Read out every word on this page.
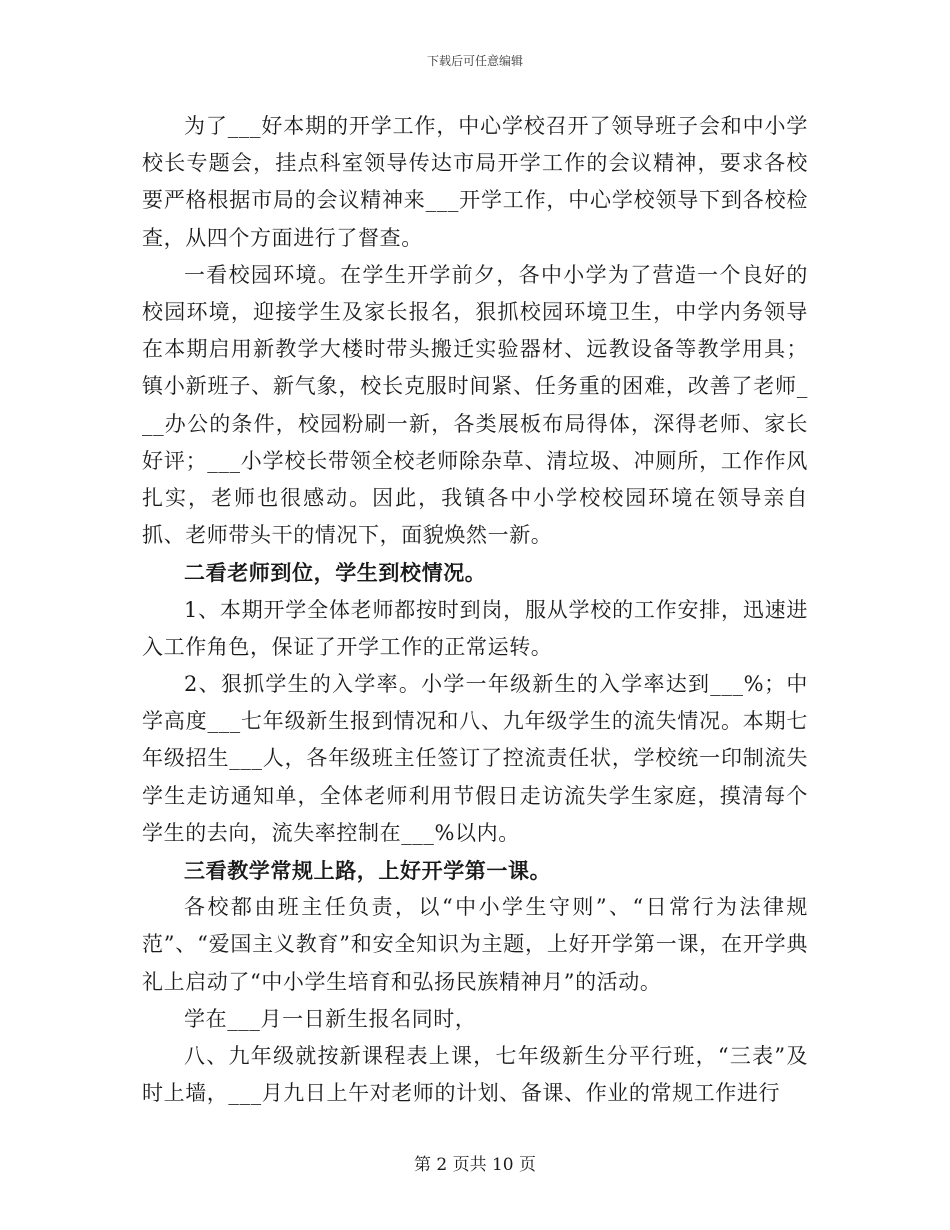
下载后可任意编辑

为了___好本期的开学工作，中心学校召开了领导班子会和中小学校长专题会，挂点科室领导传达市局开学工作的会议精神，要求各校要严格根据市局的会议精神来___开学工作，中心学校领导下到各校检查，从四个方面进行了督查。

一看校园环境。在学生开学前夕，各中小学为了营造一个良好的校园环境，迎接学生及家长报名，狠抓校园环境卫生，中学内务领导在本期启用新教学大楼时带头搬迁实验器材、远教设备等教学用具；镇小新班子、新气象，校长克服时间紧、任务重的困难，改善了老师___办公的条件，校园粉刷一新，各类展板布局得体，深得老师、家长好评；___小学校长带领全校老师除杂草、清垃圾、冲厕所，工作作风扎实，老师也很感动。因此，我镇各中小学校校园环境在领导亲自抓、老师带头干的情况下，面貌焕然一新。

二看老师到位，学生到校情况。

1、本期开学全体老师都按时到岗，服从学校的工作安排，迅速进入工作角色，保证了开学工作的正常运转。

2、狠抓学生的入学率。小学一年级新生的入学率达到___%；中学高度___七年级新生报到情况和八、九年级学生的流失情况。本期七年级招生___人，各年级班主任签订了控流责任状，学校统一印制流失学生走访通知单，全体老师利用节假日走访流失学生家庭，摸清每个学生的去向，流失率控制在___%以内。

三看教学常规上路，上好开学第一课。

各校都由班主任负责，以“中小学生守则”、“日常行为法律规范”、“爱国主义教育”和安全知识为主题，上好开学第一课，在开学典礼上启动了“中小学生培育和弘扬民族精神月”的活动。

学在___月一日新生报名同时，

八、九年级就按新课程表上课，七年级新生分平行班，“三表”及时上墙，___月九日上午对老师的计划、备课、作业的常规工作进行

第 2 页共 10 页
